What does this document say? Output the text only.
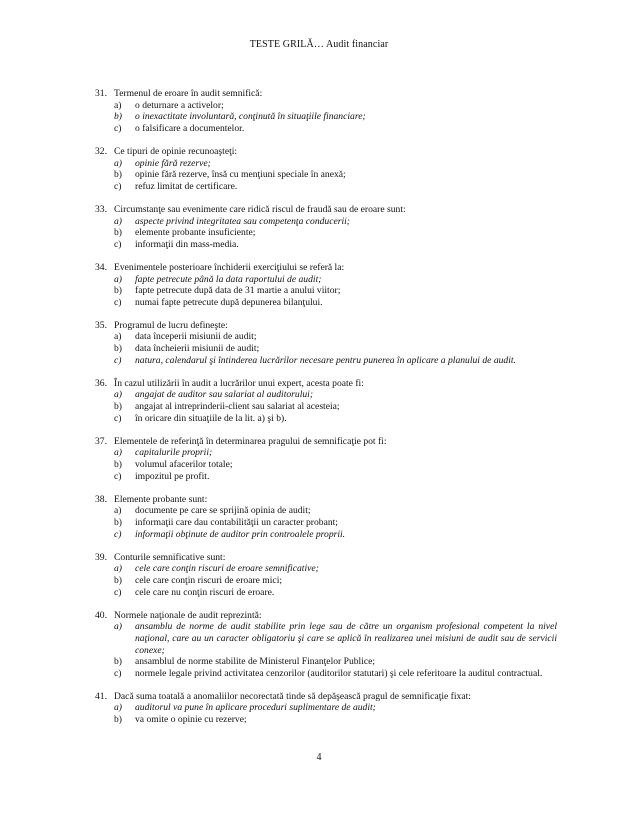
TESTE GRILĂ… Audit financiar
31. Termenul de eroare în audit semnifică:
a)	o deturnare a activelor;
b)	o inexactitate involuntară, conţinută în situaţiile financiare;
c)	o falsificare a documentelor.
32. Ce tipuri de opinie recunoaşteţi:
a)	opinie fără rezerve;
b)	opinie fără rezerve, însă cu menţiuni speciale în anexă;
c)	refuz limitat de certificare.
33. Circumstanţe sau evenimente care ridică riscul de fraudă sau de eroare sunt:
a)	aspecte privind integritatea sau competenţa conducerii;
b)	elemente probante insuficiente;
c)	informaţii din mass-media.
34. Evenimentele posterioare închiderii exerciţiului se referă la:
a)	fapte petrecute până la data raportului de audit;
b)	fapte petrecute după data de 31 martie a anului viitor;
c)	numai fapte petrecute după depunerea bilanţului.
35. Programul de lucru defineşte:
a)	data începerii misiunii de audit;
b)	data încheierii misiunii de audit;
c)	natura, calendarul şi întinderea lucrărilor necesare pentru punerea în aplicare a planului de audit.
36. În cazul utilizării în audit a lucrărilor unui expert, acesta poate fi:
a)	angajat de auditor sau salariat al auditorului;
b)	angajat al intreprinderii-client sau salariat al acesteia;
c)	în oricare din situaţiile de la lit. a) şi b).
37. Elementele de referinţă în determinarea pragului de semnificaţie pot fi:
a)	capitalurile proprii;
b)	volumul afacerilor totale;
c)	impozitul pe profit.
38. Elemente probante sunt:
a)	documente pe care se sprijină opinia de audit;
b)	informaţii care dau contabilităţii un caracter probant;
c)	informaţii obţinute de auditor prin controalele proprii.
39. Conturile semnificative sunt:
a)	cele care conţin riscuri de eroare semnificative;
b)	cele care conţin riscuri de eroare mici;
c)	cele care nu conţin riscuri de eroare.
40. Normele naţionale de audit reprezintă:
a)	ansamblu de norme de audit stabilite prin lege sau de către un organism profesional competent la nivel naţional, care au un caracter obligatoriu şi care se aplică în realizarea unei misiuni de audit sau de servicii conexe;
b)	ansamblul de norme stabilite de Ministerul Finanţelor Publice;
c)	normele legale privind activitatea cenzorilor (auditorilor statutari) şi cele referitoare la auditul contractual.
41. Dacă suma toatală a anomaliilor necorectată tinde să depăşească pragul de semnificaţie fixat:
a)	auditorul va pune în aplicare proceduri suplimentare de audit;
b)	va omite o opinie cu rezerve;
4
